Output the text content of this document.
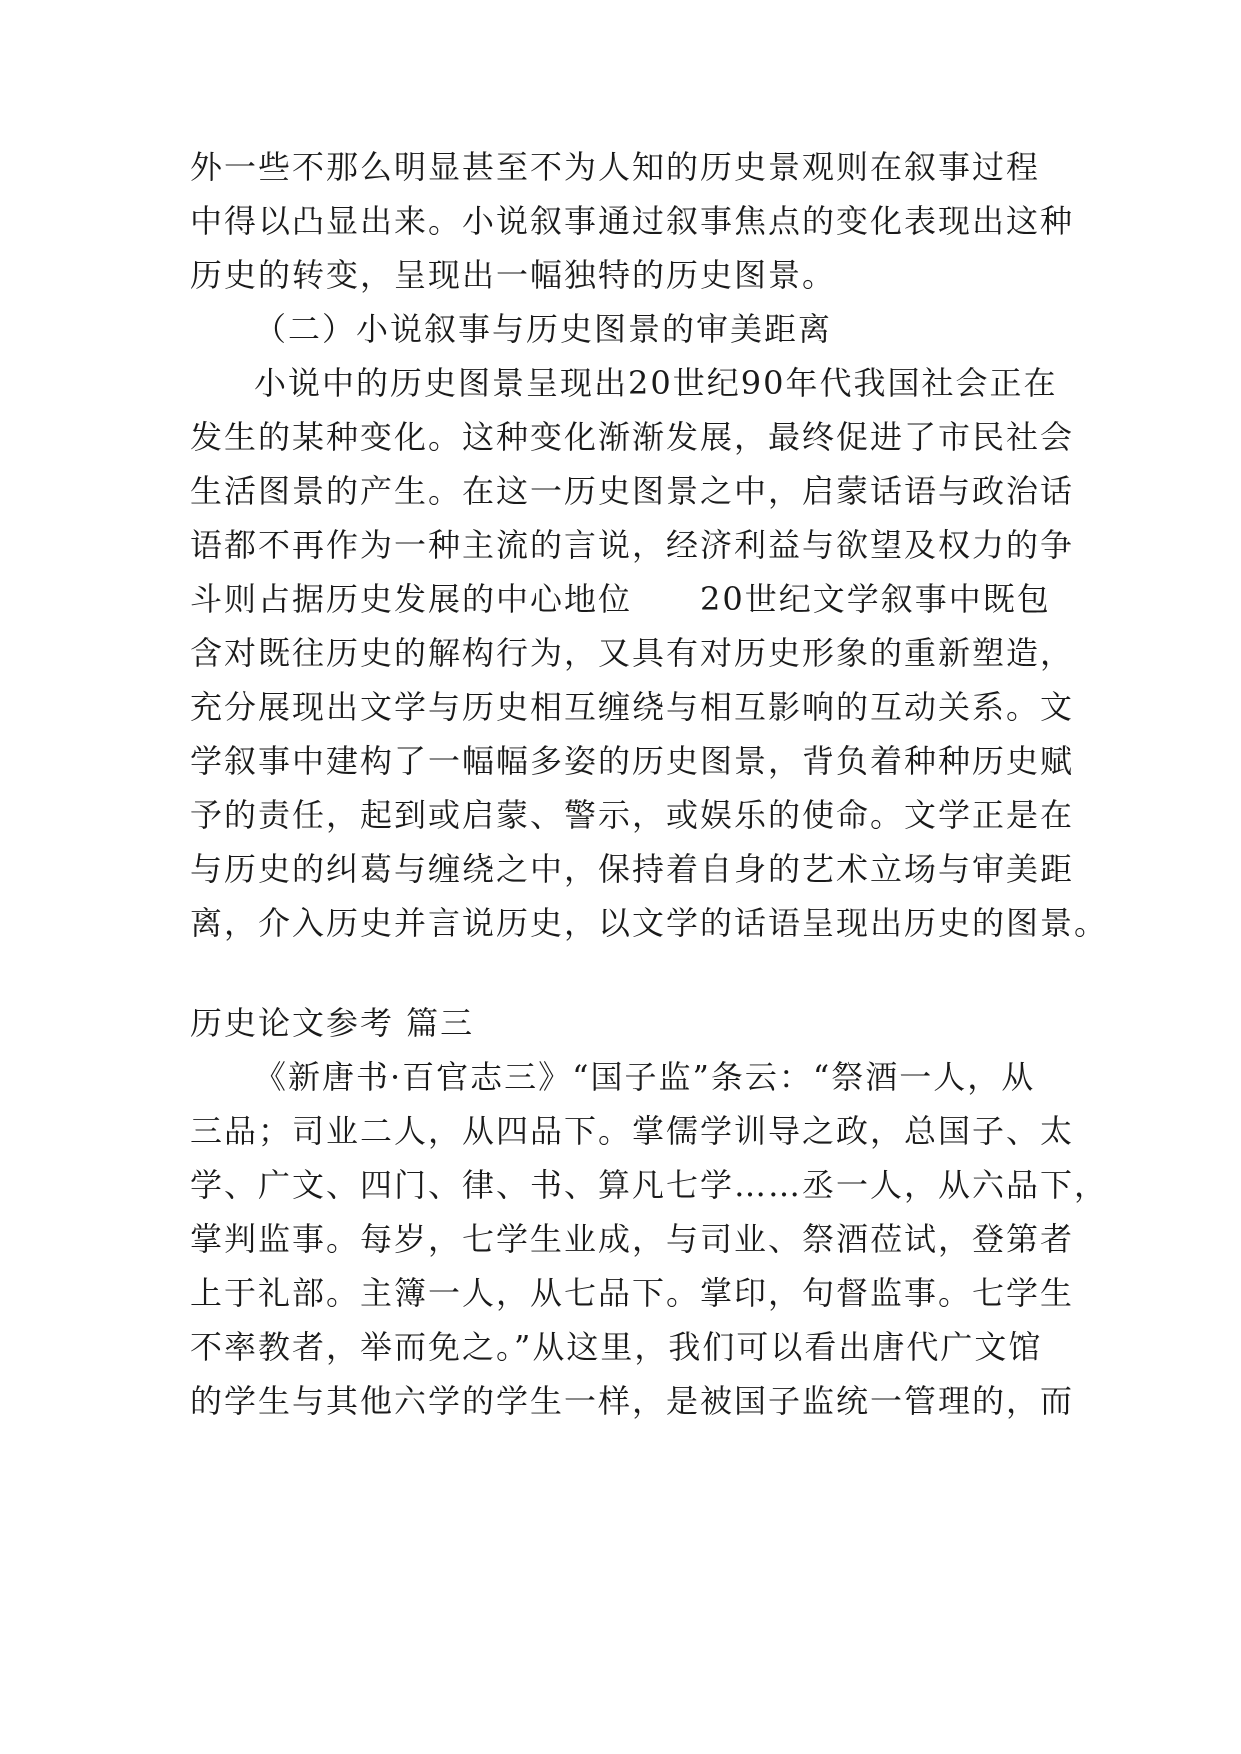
外一些不那么明显甚至不为人知的历史景观则在叙事过程
中得以凸显出来。小说叙事通过叙事焦点的变化表现出这种
历史的转变，呈现出一幅独特的历史图景。
（二）小说叙事与历史图景的审美距离
小说中的历史图景呈现出20世纪90年代我国社会正在
发生的某种变化。这种变化渐渐发展，最终促进了市民社会
生活图景的产生。在这一历史图景之中，启蒙话语与政治话
语都不再作为一种主流的言说，经济利益与欲望及权力的争
斗则占据历史发展的中心地位　　20世纪文学叙事中既包
含对既往历史的解构行为，又具有对历史形象的重新塑造，
充分展现出文学与历史相互缠绕与相互影响的互动关系。文
学叙事中建构了一幅幅多姿的历史图景，背负着种种历史赋
予的责任，起到或启蒙、警示，或娱乐的使命。文学正是在
与历史的纠葛与缠绕之中，保持着自身的艺术立场与审美距
离，介入历史并言说历史，以文学的话语呈现出历史的图景。
历史论文参考 篇三
《新唐书·百官志三》“国子监”条云：“祭酒一人，从
三品；司业二人，从四品下。掌儒学训导之政，总国子、太
学、广文、四门、律、书、算凡七学……丞一人，从六品下，
掌判监事。每岁，七学生业成，与司业、祭酒莅试，登第者
上于礼部。主簿一人，从七品下。掌印，句督监事。七学生
不率教者，举而免之。”从这里，我们可以看出唐代广文馆
的学生与其他六学的学生一样，是被国子监统一管理的，而
